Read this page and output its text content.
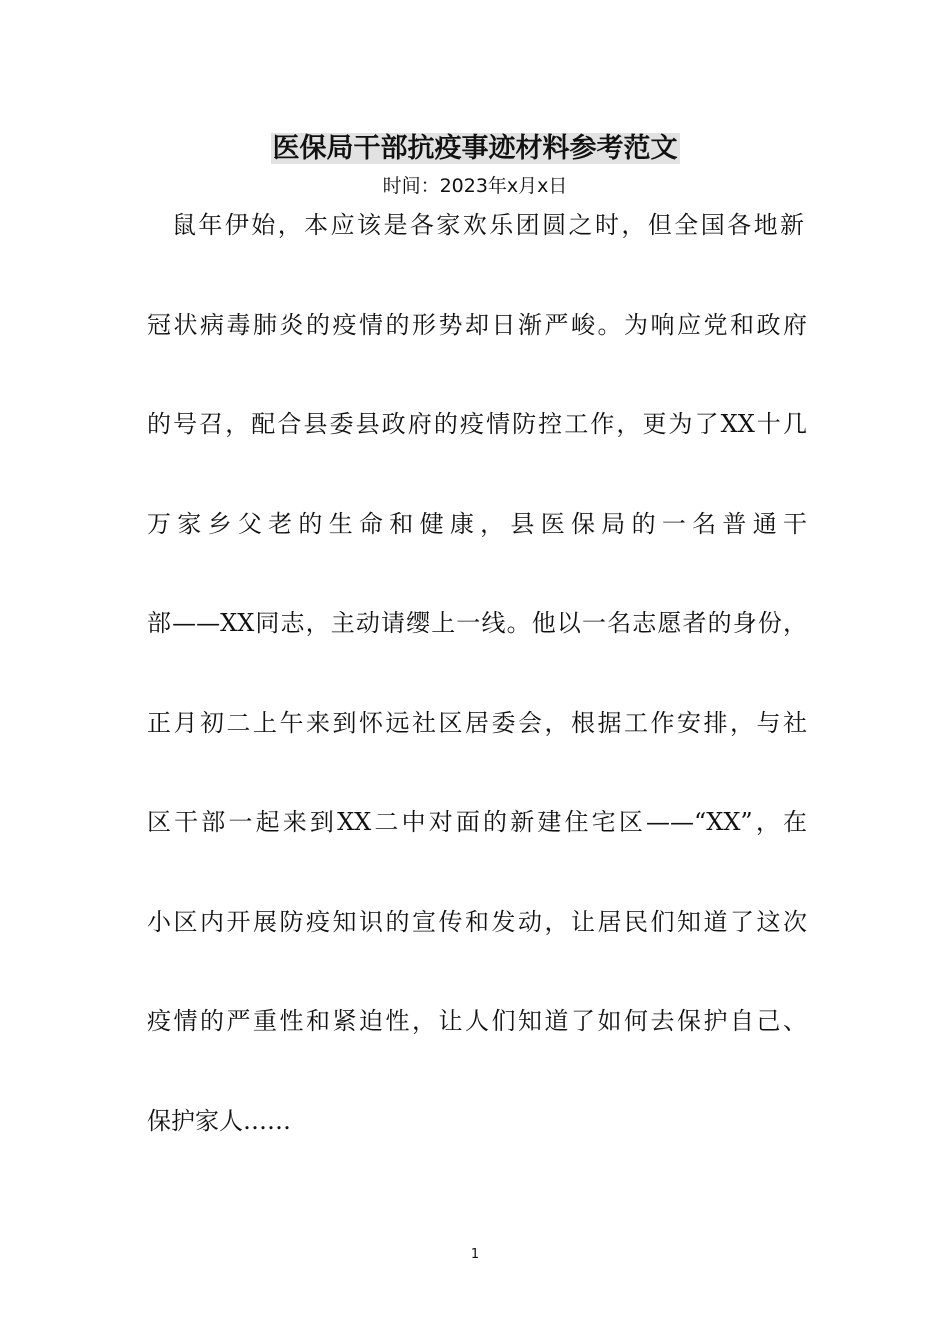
医保局干部抗疫事迹材料参考范文

时间：2023年x月x日

鼠年伊始，本应该是各家欢乐团圆之时，但全国各地新

冠状病毒肺炎的疫情的形势却日渐严峻。为响应党和政府

的号召，配合县委县政府的疫情防控工作，更为了XX十几

万家乡父老的生命和健康，县医保局的一名普通干

部——XX同志，主动请缨上一线。他以一名志愿者的身份，

正月初二上午来到怀远社区居委会，根据工作安排，与社

区干部一起来到XX二中对面的新建住宅区——“XX”，在

小区内开展防疫知识的宣传和发动，让居民们知道了这次

疫情的严重性和紧迫性，让人们知道了如何去保护自己、

保护家人……

1
